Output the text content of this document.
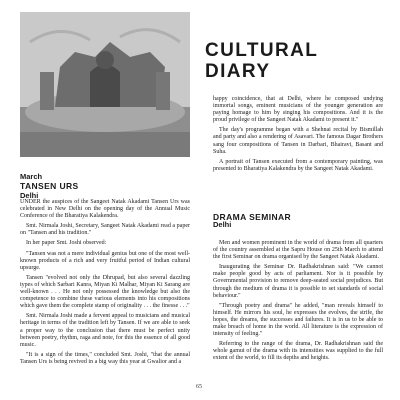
CULTURAL
DIARY
March
TANSEN URS
Delhi

UNDER the auspices of the Sangeet Natak Akadami Tansen Urs was celebrated in New Delhi on the opening day of the Annual Music Conference of the Bharatiya Kalakendra.

Smt. Nirmala Joshi, Secretary, Sangeet Natak Akadami read a paper on "Tansen and his tradition."

In her paper Smt. Joshi observed:

"Tansen was not a mere individual genius but one of the most well-known products of a rich and very fruitful period of Indian cultural upsurge.

Tansen "evolved not only the Dhrupad, but also several dazzling types of which Sarbari Kanra, Miyan Ki Malhar, Miyan Ki Sarang are well-known . . . He not only possessed the knowledge but also the competence to combine these various elements into his compositions which gave them the complete stamp of originality . . . the finesse . . ."

Smt. Nirmala Joshi made a fervent appeal to musicians and musical heritage in terms of the tradition left by Tansen. If we are able to seek a proper way to the conclusion that there must be perfect unity between poetry, rhythm, raga and note, for this the essence of all good music.

"It is a sign of the times," concluded Smt. Joshi, "that the annual Tansen Urs is being revived in a big way this year at Gwalior and a

happy coincidence, that at Delhi, where he composed undying immortal songs, eminent musicians of the younger generation are paying homage to him by singing his compositions. And it is the proud privilege of the Sangeet Natak Akadami to present it."

The day's programme began with a Shehnai recital by Bismillah and party and also a rendering of Asavari. The famous Dagar Brothers sang four compositions of Tansen in Darbari, Bhairavi, Basant and Suha.

A portrait of Tansen executed from a contemporary painting, was presented to Bharatiya Kalakendra by the Sangeet Natak Akadami.

DRAMA SEMINAR
Delhi

Men and women prominent in the world of drama from all quarters of the country assembled at the Sapru House on 25th March to attend the first Seminar on drama organised by the Sangeet Natak Akadami.

Inaugurating the Seminar Dr. Radhakrishnan said: "We cannot make people good by acts of parliament. Nor is it possible by Governmental provision to remove deep-seated social prejudices. But through the medium of drama it is possible to set standards of social behaviour."

"Through poetry and drama" he added, "man reveals himself to himself. He mirrors his soul, he expresses the evolves, the strife, the hopes, the dreams, the successes and failures. It is in us to be able to make breach of home in the world. All literature is the expression of intensity of feeling."

Referring to the range of the drama, Dr. Radhakrishnan said the whole gamut of the drama with its intensities was supplied to the full extent of the world, to fill its depths and heights.

65
